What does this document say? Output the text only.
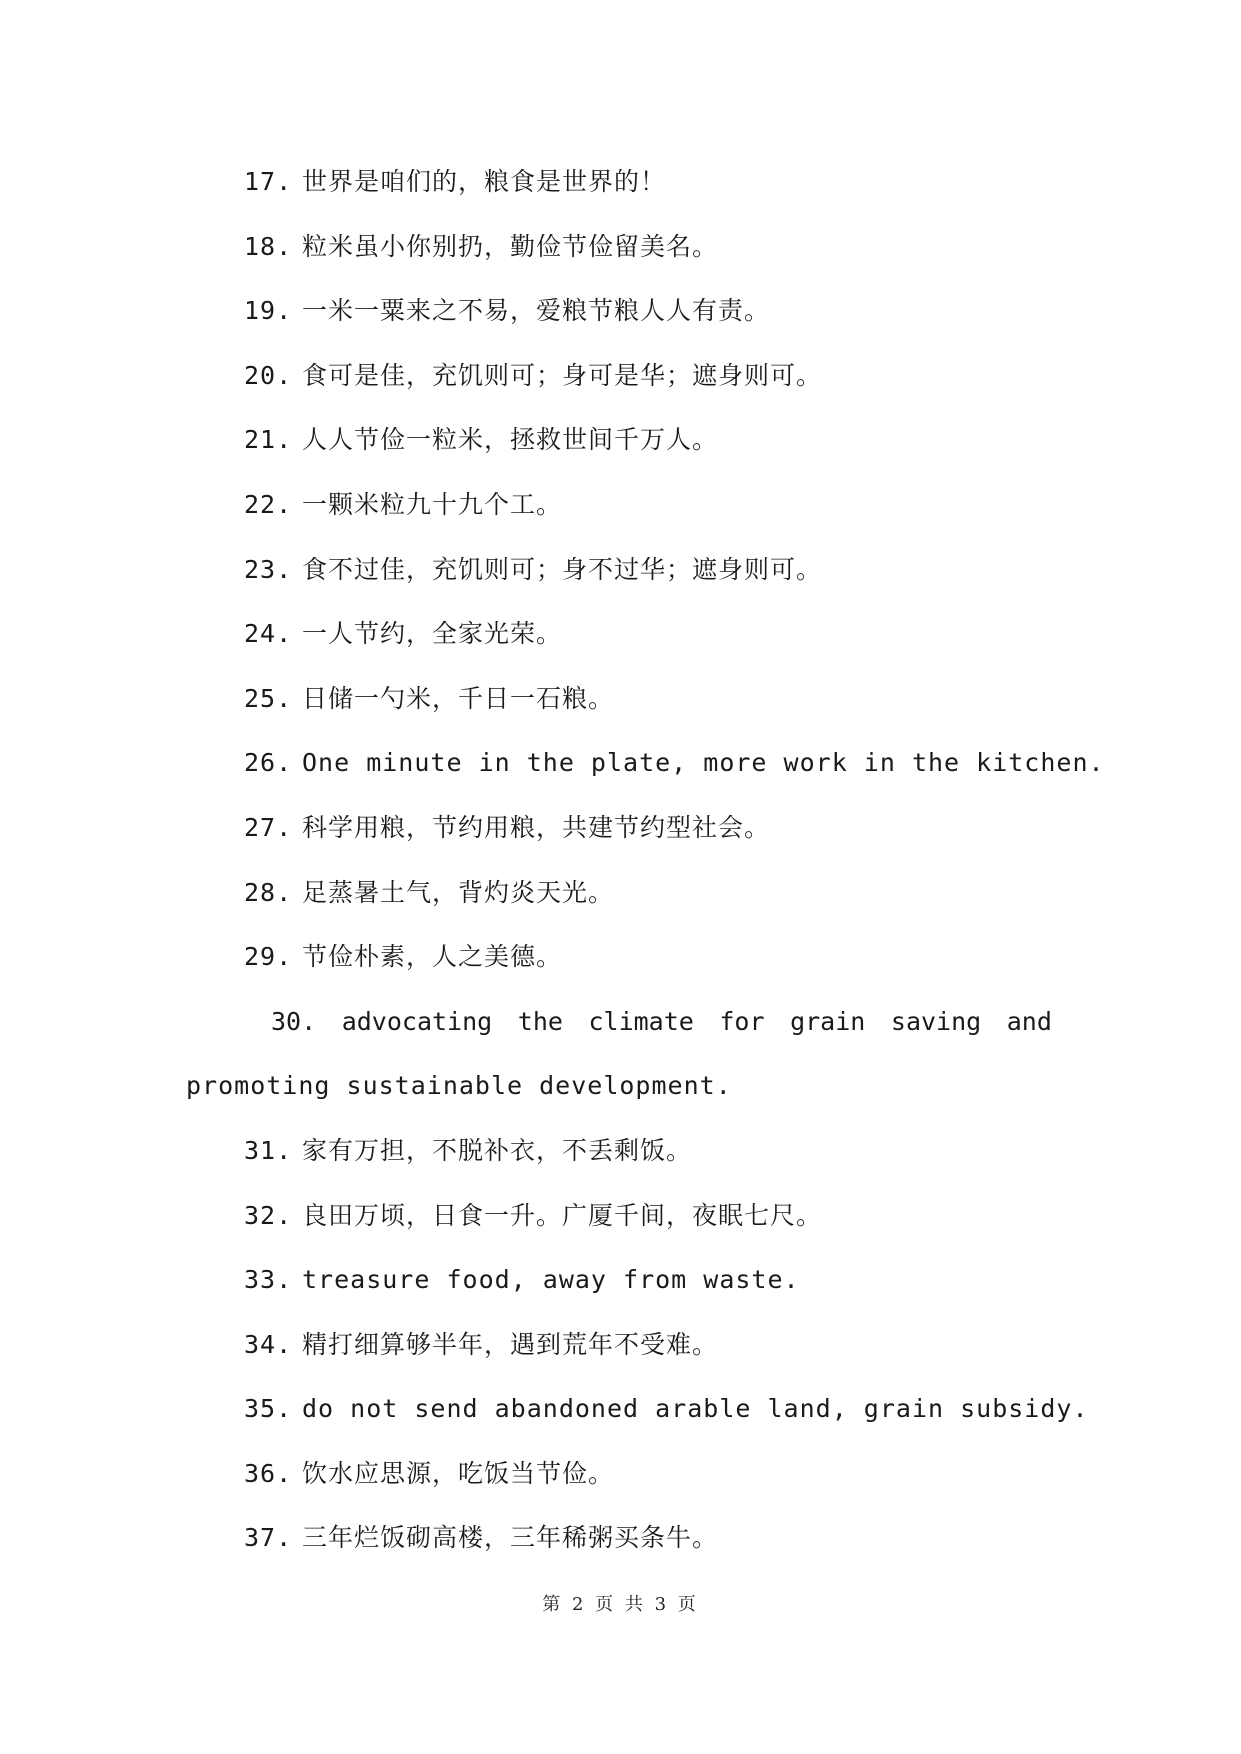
17. 世界是咱们的，粮食是世界的！
18. 粒米虽小你别扔，勤俭节俭留美名。
19. 一米一粟来之不易，爱粮节粮人人有责。
20. 食可是佳，充饥则可；身可是华；遮身则可。
21. 人人节俭一粒米，拯救世间千万人。
22. 一颗米粒九十九个工。
23. 食不过佳，充饥则可；身不过华；遮身则可。
24. 一人节约，全家光荣。
25. 日储一勺米，千日一石粮。
26. One minute in the plate, more work in the kitchen.
27. 科学用粮，节约用粮，共建节约型社会。
28. 足蒸暑土气，背灼炎天光。
29. 节俭朴素，人之美德。
30. advocating the climate for grain saving and
promoting sustainable development.
31. 家有万担，不脱补衣，不丢剩饭。
32. 良田万顷，日食一升。广厦千间，夜眠七尺。
33. treasure food, away from waste.
34. 精打细算够半年，遇到荒年不受难。
35. do not send abandoned arable land, grain subsidy.
36. 饮水应思源，吃饭当节俭。
37. 三年烂饭砌高楼，三年稀粥买条牛。
第 2 页 共 3 页
